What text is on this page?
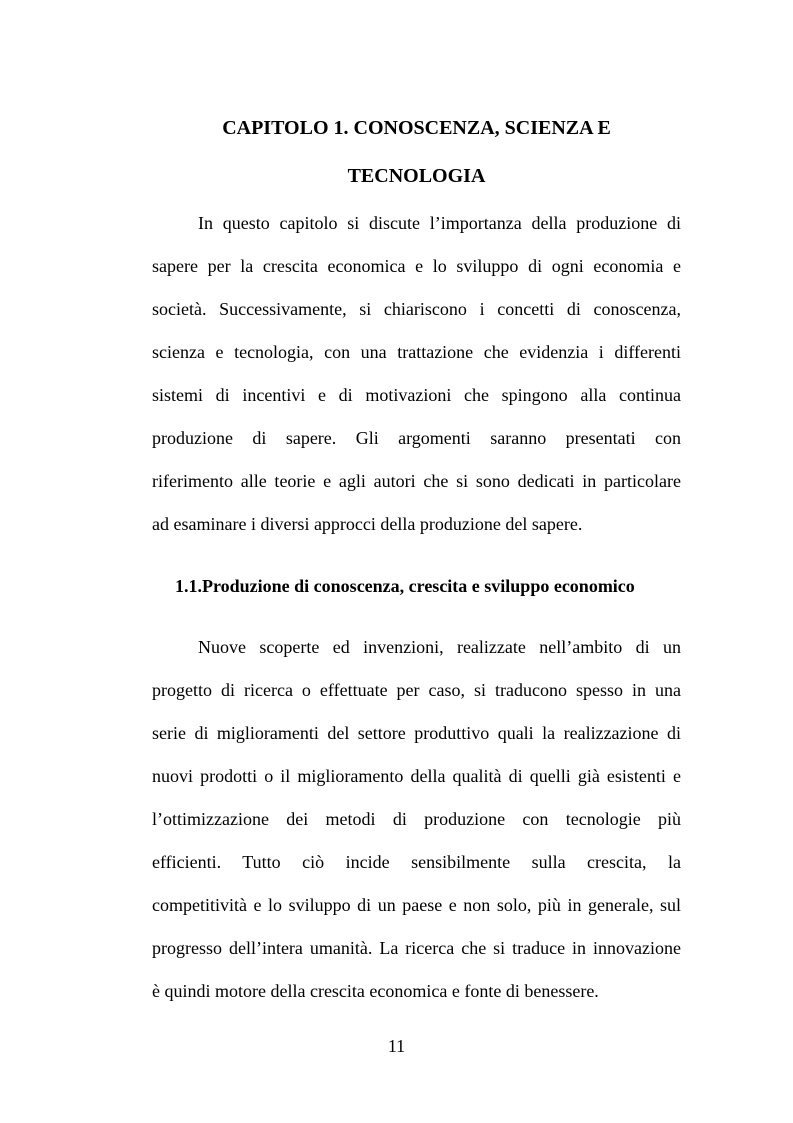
CAPITOLO 1. CONOSCENZA, SCIENZA E
TECNOLOGIA
In questo capitolo si discute l’importanza della produzione di
sapere per la crescita economica e lo sviluppo di ogni economia e
società. Successivamente, si chiariscono i concetti di conoscenza,
scienza e tecnologia, con una trattazione che evidenzia i differenti
sistemi di incentivi e di motivazioni che spingono alla continua
produzione di sapere. Gli argomenti saranno presentati con
riferimento alle teorie e agli autori che si sono dedicati in particolare
ad esaminare i diversi approcci della produzione del sapere.
1.1.Produzione di conoscenza, crescita e sviluppo economico
Nuove scoperte ed invenzioni, realizzate nell’ambito di un
progetto di ricerca o effettuate per caso, si traducono spesso in una
serie di miglioramenti del settore produttivo quali la realizzazione di
nuovi prodotti o il miglioramento della qualità di quelli già esistenti e
l’ottimizzazione dei metodi di produzione con tecnologie più
efficienti. Tutto ciò incide sensibilmente sulla crescita, la
competitività e lo sviluppo di un paese e non solo, più in generale, sul
progresso dell’intera umanità. La ricerca che si traduce in innovazione
è quindi motore della crescita economica e fonte di benessere.

11
